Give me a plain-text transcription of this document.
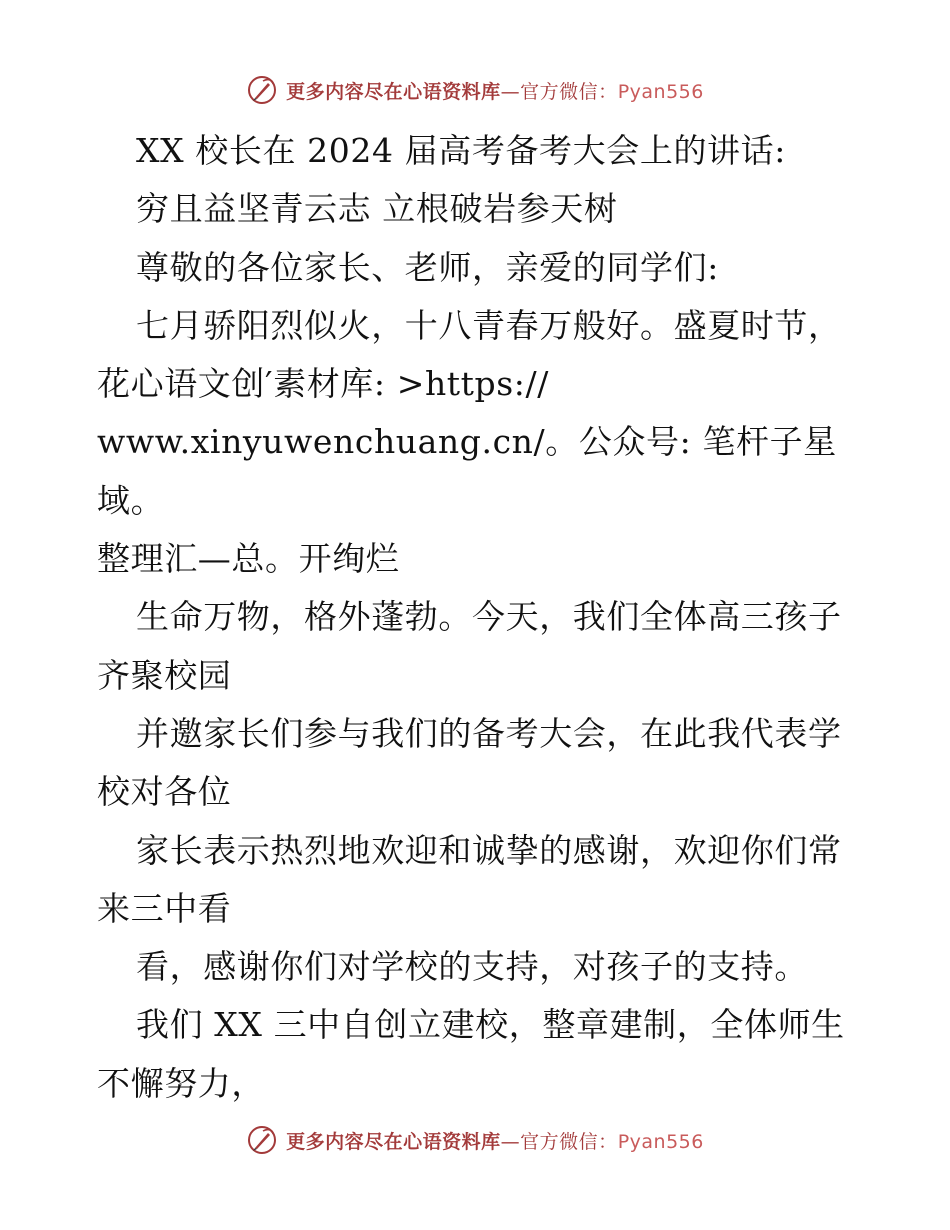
更多内容尽在心语资料库—官方微信：Pyan556

XX 校长在 2024 届高考备考大会上的讲话:

穷且益坚青云志 立根破岩参天树

尊敬的各位家长、老师，亲爱的同学们:

七月骄阳烈似火，十八青春万般好。盛夏时节，

花心语文创′素材库: >https://

www.xinyuwenchuang.cn/。公众号: 笔杆子星域。

整理汇—总。开绚烂

生命万物，格外蓬勃。今天，我们全体高三孩子齐聚校园

并邀家长们参与我们的备考大会，在此我代表学校对各位

家长表示热烈地欢迎和诚挚的感谢，欢迎你们常来三中看

看，感谢你们对学校的支持，对孩子的支持。

我们 XX 三中自创立建校，整章建制，全体师生不懈努力，

更多内容尽在心语资料库—官方微信：Pyan556
